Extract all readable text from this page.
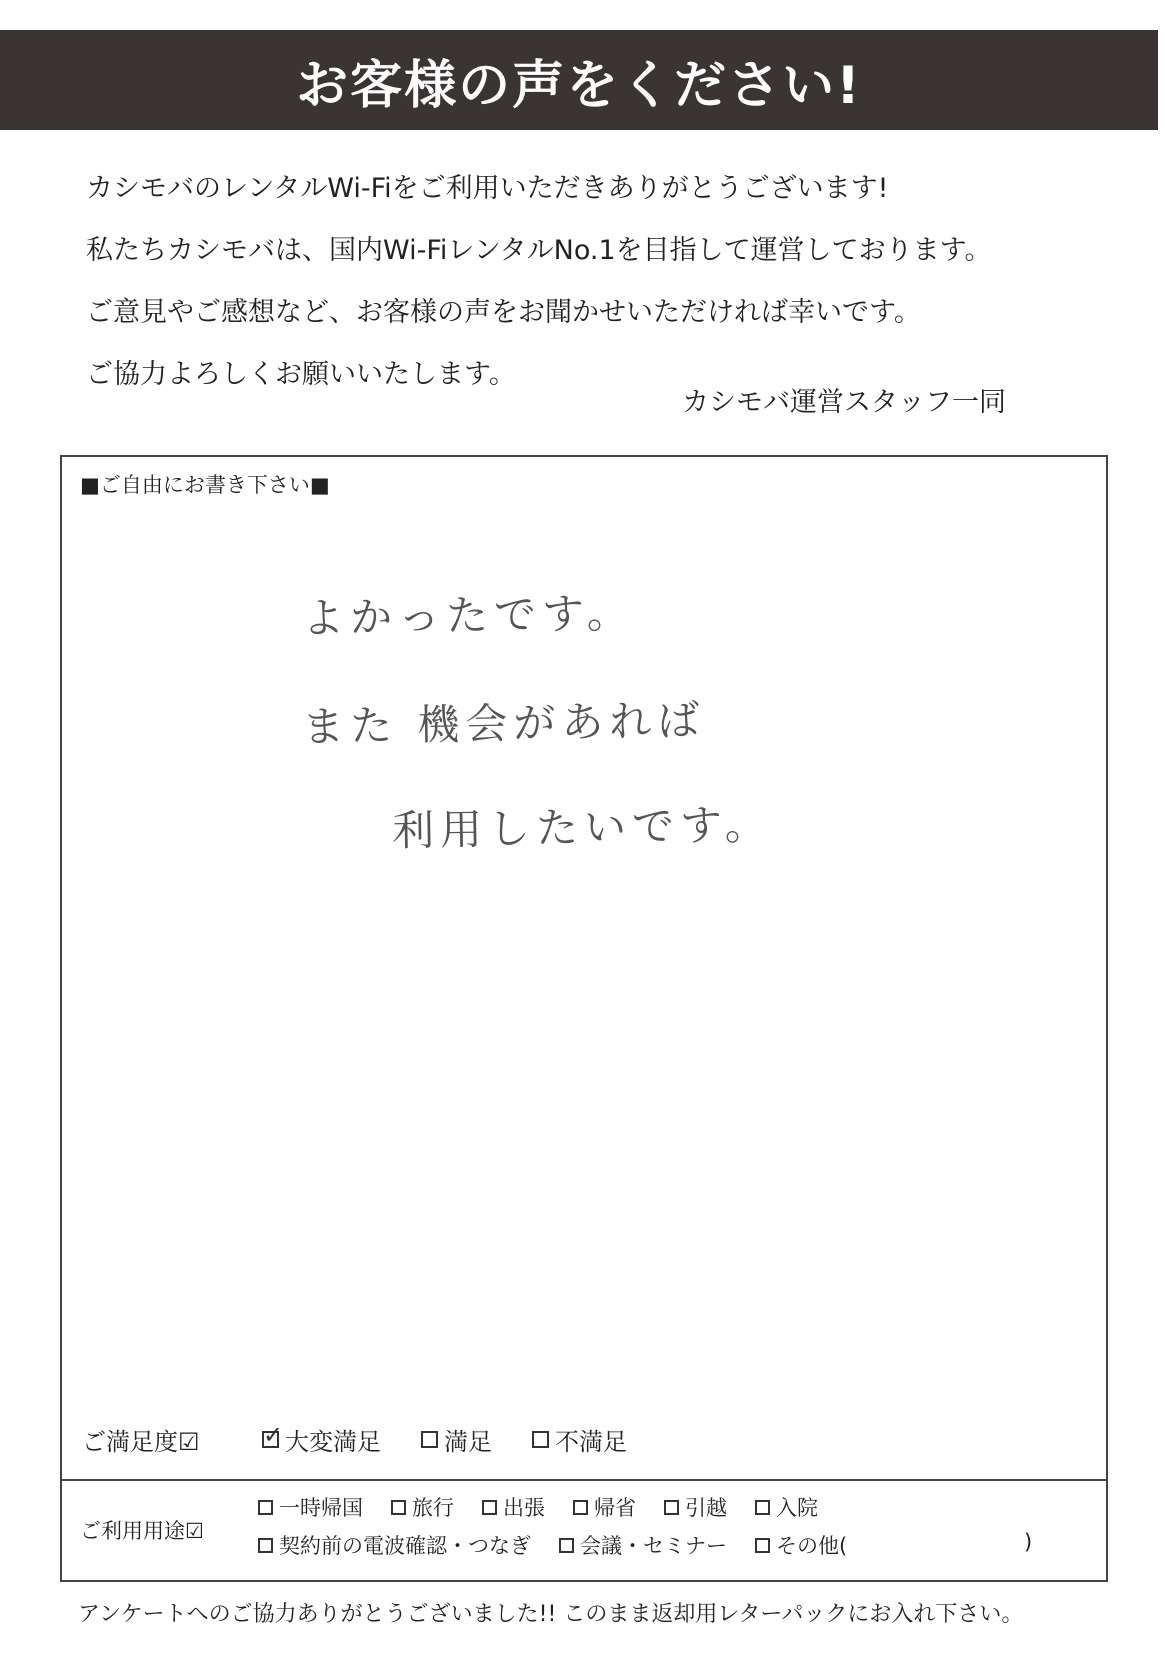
お客様の声をください!
カシモバのレンタルWi-Fiをご利用いただきありがとうございます!
私たちカシモバは、国内Wi-FiレンタルNo.1を目指して運営しております。
ご意見やご感想など、お客様の声をお聞かせいただければ幸いです。
ご協力よろしくお願いいたします。
カシモバ運営スタッフ一同
■ご自由にお書き下さい■
よかったです。
また 機会があれば
利用したいです。
ご満足度☑
✓	大変満足	満足	不満足
ご利用用途☑
一時帰国 旅行 出張 帰省 引越 入院
契約前の電波確認・つなぎ 会議・セミナー その他(	)
アンケートへのご協力ありがとうございました!! このまま返却用レターパックにお入れ下さい。
